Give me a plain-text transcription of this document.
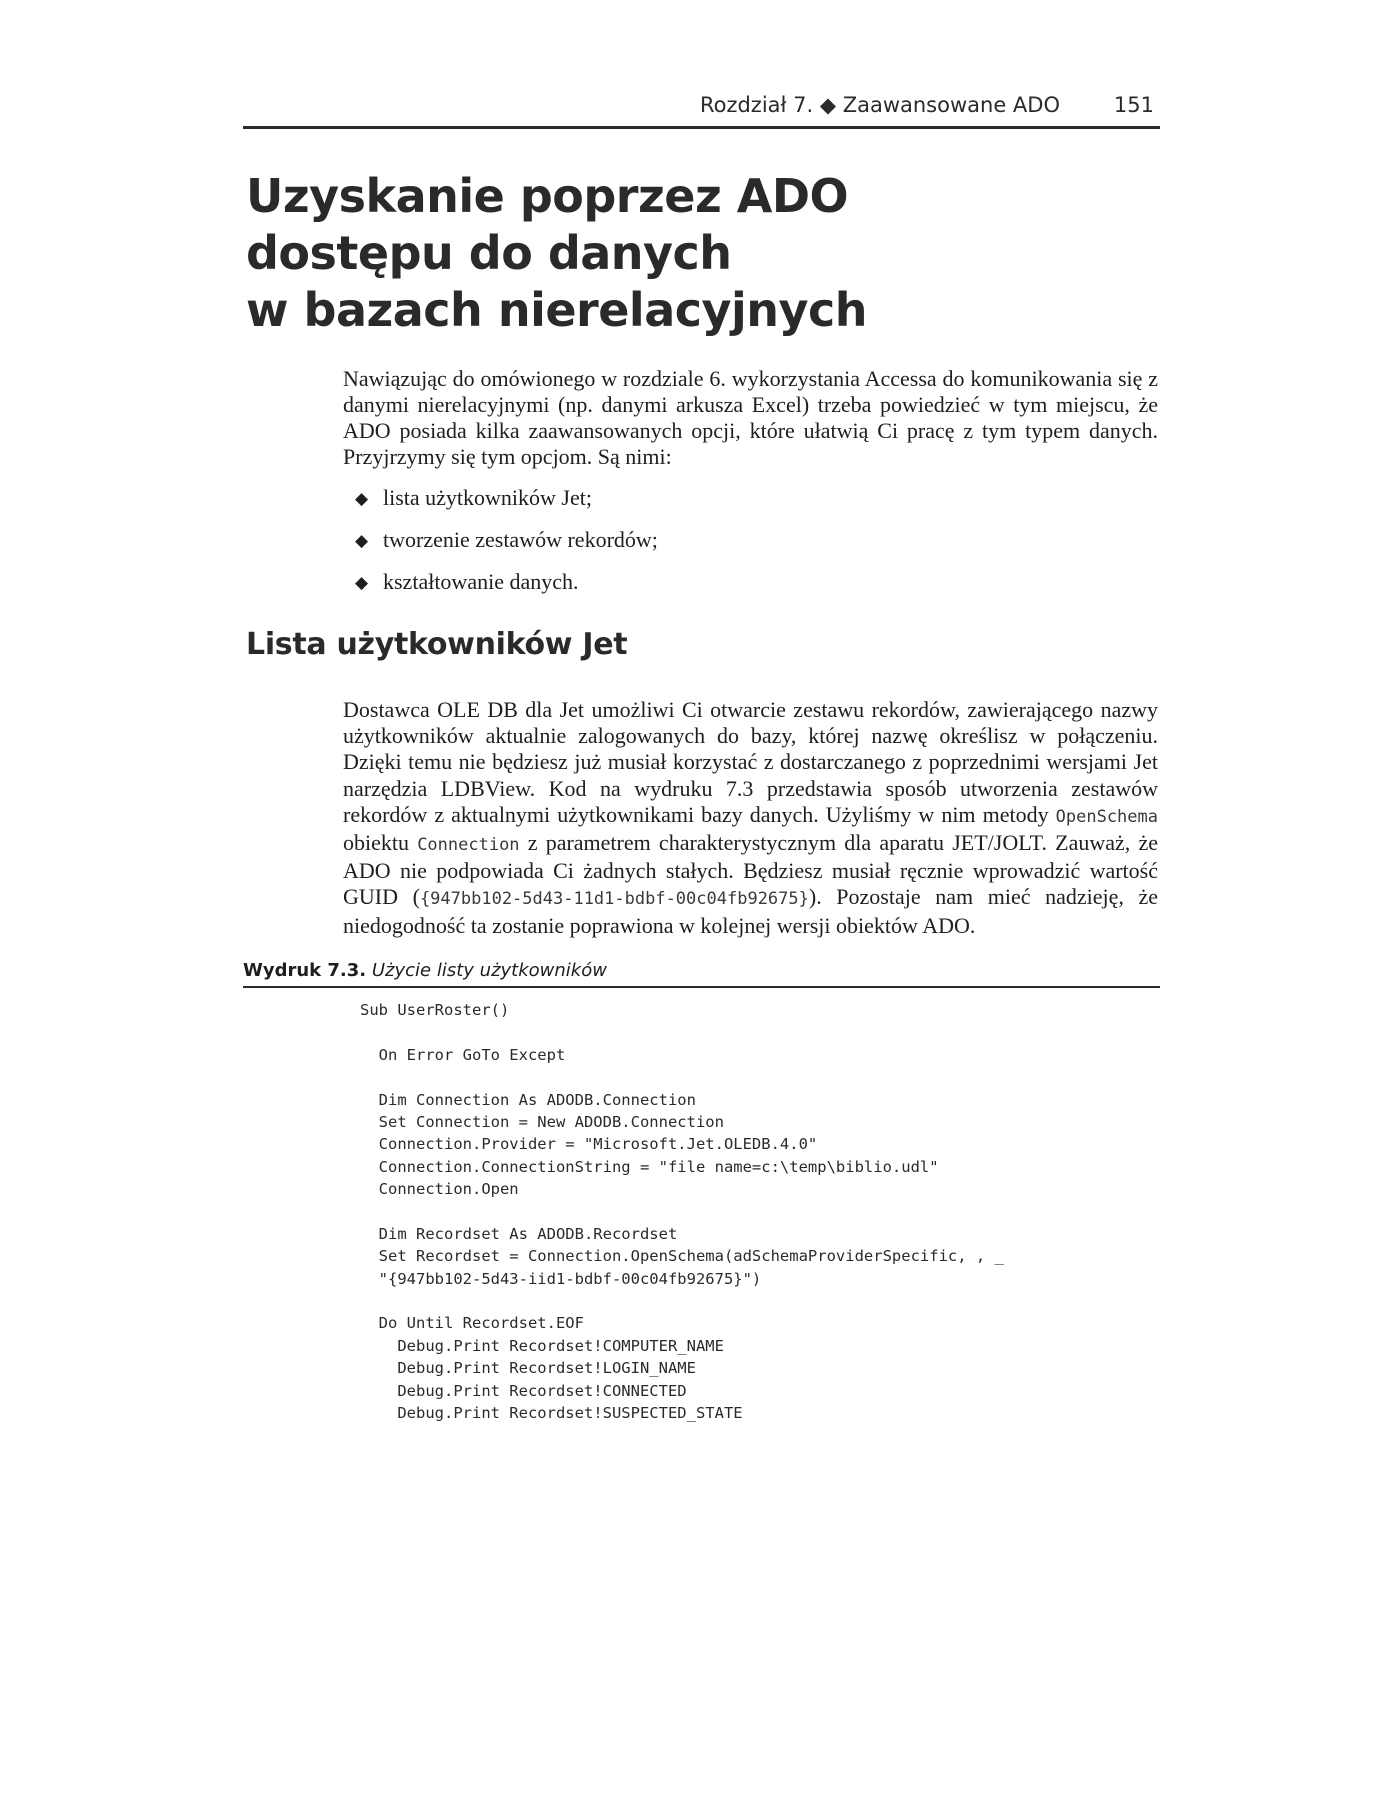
Rozdział 7. ◆ Zaawansowane ADO	151
Uzyskanie poprzez ADO
dostępu do danych
w bazach nierelacyjnych

Nawiązując do omówionego w rozdziale 6. wykorzystania Accessa do komunikowania się z danymi nierelacyjnymi (np. danymi arkusza Excel) trzeba powiedzieć w tym miejscu, że ADO posiada kilka zaawansowanych opcji, które ułatwią Ci pracę z tym typem danych. Przyjrzymy się tym opcjom. Są nimi:

◆ lista użytkowników Jet;
◆ tworzenie zestawów rekordów;
◆ kształtowanie danych.
Lista użytkowników Jet

Dostawca OLE DB dla Jet umożliwi Ci otwarcie zestawu rekordów, zawierającego nazwy użytkowników aktualnie zalogowanych do bazy, której nazwę określisz w połączeniu. Dzięki temu nie będziesz już musiał korzystać z dostarczanego z poprzednimi wersjami Jet narzędzia LDBView. Kod na wydruku 7.3 przedstawia sposób utworzenia zestawów rekordów z aktualnymi użytkownikami bazy danych. Użyliśmy w nim metody OpenSchema obiektu Connection z parametrem charakterystycznym dla aparatu JET/JOLT. Zauważ, że ADO nie podpowiada Ci żadnych stałych. Będziesz musiał ręcznie wprowadzić wartość GUID ({947bb102-5d43-11d1-bdbf-00c04fb92675}). Pozostaje nam mieć nadzieję, że niedogodność ta zostanie poprawiona w kolejnej wersji obiektów ADO.

Wydruk 7.3. Użycie listy użytkowników
Sub UserRoster()
On Error GoTo Except
Dim Connection As ADODB.Connection
Set Connection = New ADODB.Connection
Connection.Provider = "Microsoft.Jet.OLEDB.4.0"
Connection.ConnectionString = "file name=c:\temp\biblio.udl"
Connection.Open
Dim Recordset As ADODB.Recordset
Set Recordset = Connection.OpenSchema(adSchemaProviderSpecific, , _
"{947bb102-5d43-iid1-bdbf-00c04fb92675}")
Do Until Recordset.EOF
Debug.Print Recordset!COMPUTER_NAME
Debug.Print Recordset!LOGIN_NAME
Debug.Print Recordset!CONNECTED
Debug.Print Recordset!SUSPECTED_STATE
